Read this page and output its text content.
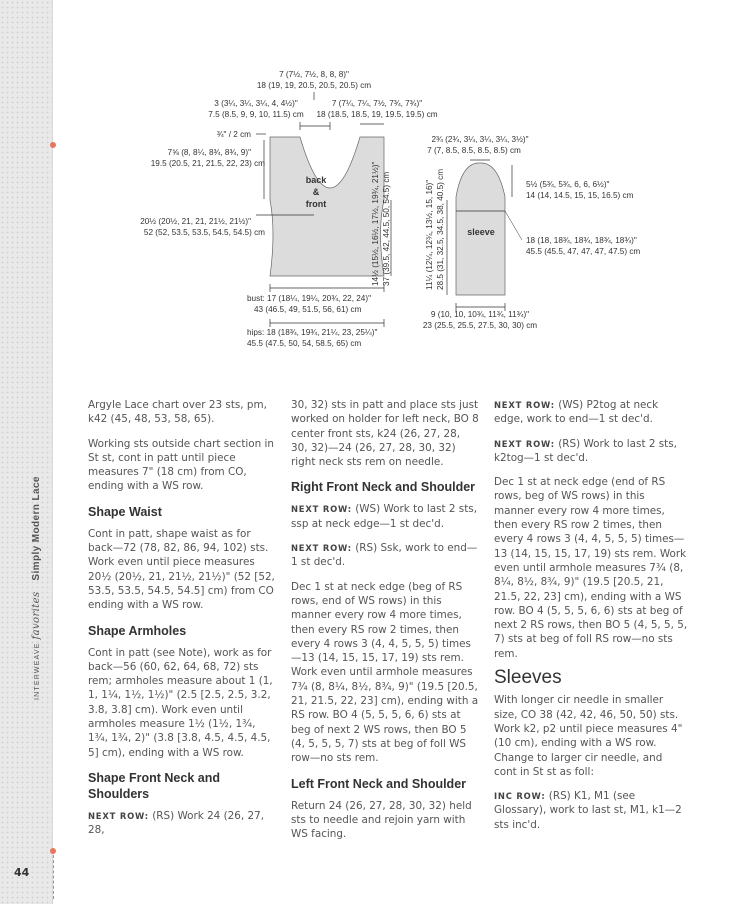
INTERWEAVE favorites Simply Modern Lace
44
back
&
front
7 (7½, 7½, 8, 8, 8)"
18 (19, 19, 20.5, 20.5, 20.5) cm
3 (3¼, 3¼, 3¼, 4, 4½)"
7.5 (8.5, 9, 9, 10, 11.5) cm
7 (7¼, 7¼, 7½, 7¾, 7¾)"
18 (18.5, 18.5, 19, 19.5, 19.5) cm
¾" / 2 cm
7⅝ (8, 8¼, 8¾, 8¾, 9)"
19.5 (20.5, 21, 21.5, 22, 23) cm
20½ (20½, 21, 21, 21½, 21½)"
52 (52, 53.5, 53.5, 54.5, 54.5) cm	14½ (15½, 16½, 17½, 19¾, 21½)" 37 (39.5, 42, 44.5, 50, 54.5) cm
bust: 17 (18¼, 19¼, 20¾, 22, 24)"
43 (46.5, 49, 51.5, 56, 61) cm
hips: 18 (18¾, 19¾, 21¼, 23, 25¼)"
45.5 (47.5, 50, 54, 58.5, 65) cm
sleeve
2¾ (2¾, 3¼, 3¼, 3¼, 3½)"
7 (7, 8.5, 8.5, 8.5, 8.5) cm
5½ (5¾, 5¾, 6, 6, 6½)"
14 (14, 14.5, 15, 15, 16.5) cm
18 (18, 18¾, 18¾, 18¾, 18¾)"
45.5 (45.5, 47, 47, 47, 47.5) cm
11¼ (12¼, 12¾, 13½, 15, 16)" 28.5 (31, 32.5, 34.5, 38, 40.5) cm
9 (10, 10, 10¾, 11¾, 11¾)"
23 (25.5, 25.5, 27.5, 30, 30) cm

Argyle Lace chart over 23 sts, pm, k42 (45, 48, 53, 58, 65).

Working sts outside chart section in St st, cont in patt until piece measures 7" (18 cm) from CO, ending with a WS row.

Shape Waist

Cont in patt, shape waist as for back—72 (78, 82, 86, 94, 102) sts. Work even until piece measures 20½ (20½, 21, 21½, 21½)" (52 [52, 53.5, 53.5, 54.5, 54.5] cm) from CO ending with a WS row.

Shape Armholes

Cont in patt (see Note), work as for back—56 (60, 62, 64, 68, 72) sts rem; armholes measure about 1 (1, 1, 1¼, 1½, 1½)" (2.5 [2.5, 2.5, 3.2, 3.8, 3.8] cm). Work even until armholes measure 1½ (1½, 1¾, 1¾, 1¾, 2)" (3.8 [3.8, 4.5, 4.5, 4.5, 5] cm), ending with a WS row.

Shape Front Neck and Shoulders

NEXT ROW: (RS) Work 24 (26, 27, 28,

30, 32) sts in patt and place sts just worked on holder for left neck, BO 8 center front sts, k24 (26, 27, 28, 30, 32)—24 (26, 27, 28, 30, 32) right neck sts rem on needle.

Right Front Neck and Shoulder

NEXT ROW: (WS) Work to last 2 sts, ssp at neck edge—1 st dec'd.

NEXT ROW: (RS) Ssk, work to end—1 st dec'd.

Dec 1 st at neck edge (beg of RS rows, end of WS rows) in this manner every row 4 more times, then every RS row 2 times, then every 4 rows 3 (4, 4, 5, 5, 5) times—13 (14, 15, 15, 17, 19) sts rem. Work even until armhole measures 7¾ (8, 8¼, 8½, 8¾, 9)" (19.5 [20.5, 21, 21.5, 22, 23] cm), ending with a RS row. BO 4 (5, 5, 5, 6, 6) sts at beg of next 2 WS rows, then BO 5 (4, 5, 5, 5, 7) sts at beg of foll WS row—no sts rem.

Left Front Neck and Shoulder

Return 24 (26, 27, 28, 30, 32) held sts to needle and rejoin yarn with WS facing.

NEXT ROW: (WS) P2tog at neck edge, work to end—1 st dec'd.

NEXT ROW: (RS) Work to last 2 sts, k2tog—1 st dec'd.

Dec 1 st at neck edge (end of RS rows, beg of WS rows) in this manner every row 4 more times, then every RS row 2 times, then every 4 rows 3 (4, 4, 5, 5, 5) times—13 (14, 15, 15, 17, 19) sts rem. Work even until armhole measures 7¾ (8, 8¼, 8½, 8¾, 9)" (19.5 [20.5, 21, 21.5, 22, 23] cm), ending with a WS row. BO 4 (5, 5, 5, 6, 6) sts at beg of next 2 RS rows, then BO 5 (4, 5, 5, 5, 7) sts at beg of foll RS row—no sts rem.

Sleeves

With longer cir needle in smaller size, CO 38 (42, 42, 46, 50, 50) sts. Work k2, p2 until piece measures 4" (10 cm), ending with a WS row. Change to larger cir needle, and cont in St st as foll:

INC ROW: (RS) K1, M1 (see Glossary), work to last st, M1, k1—2 sts inc'd.
